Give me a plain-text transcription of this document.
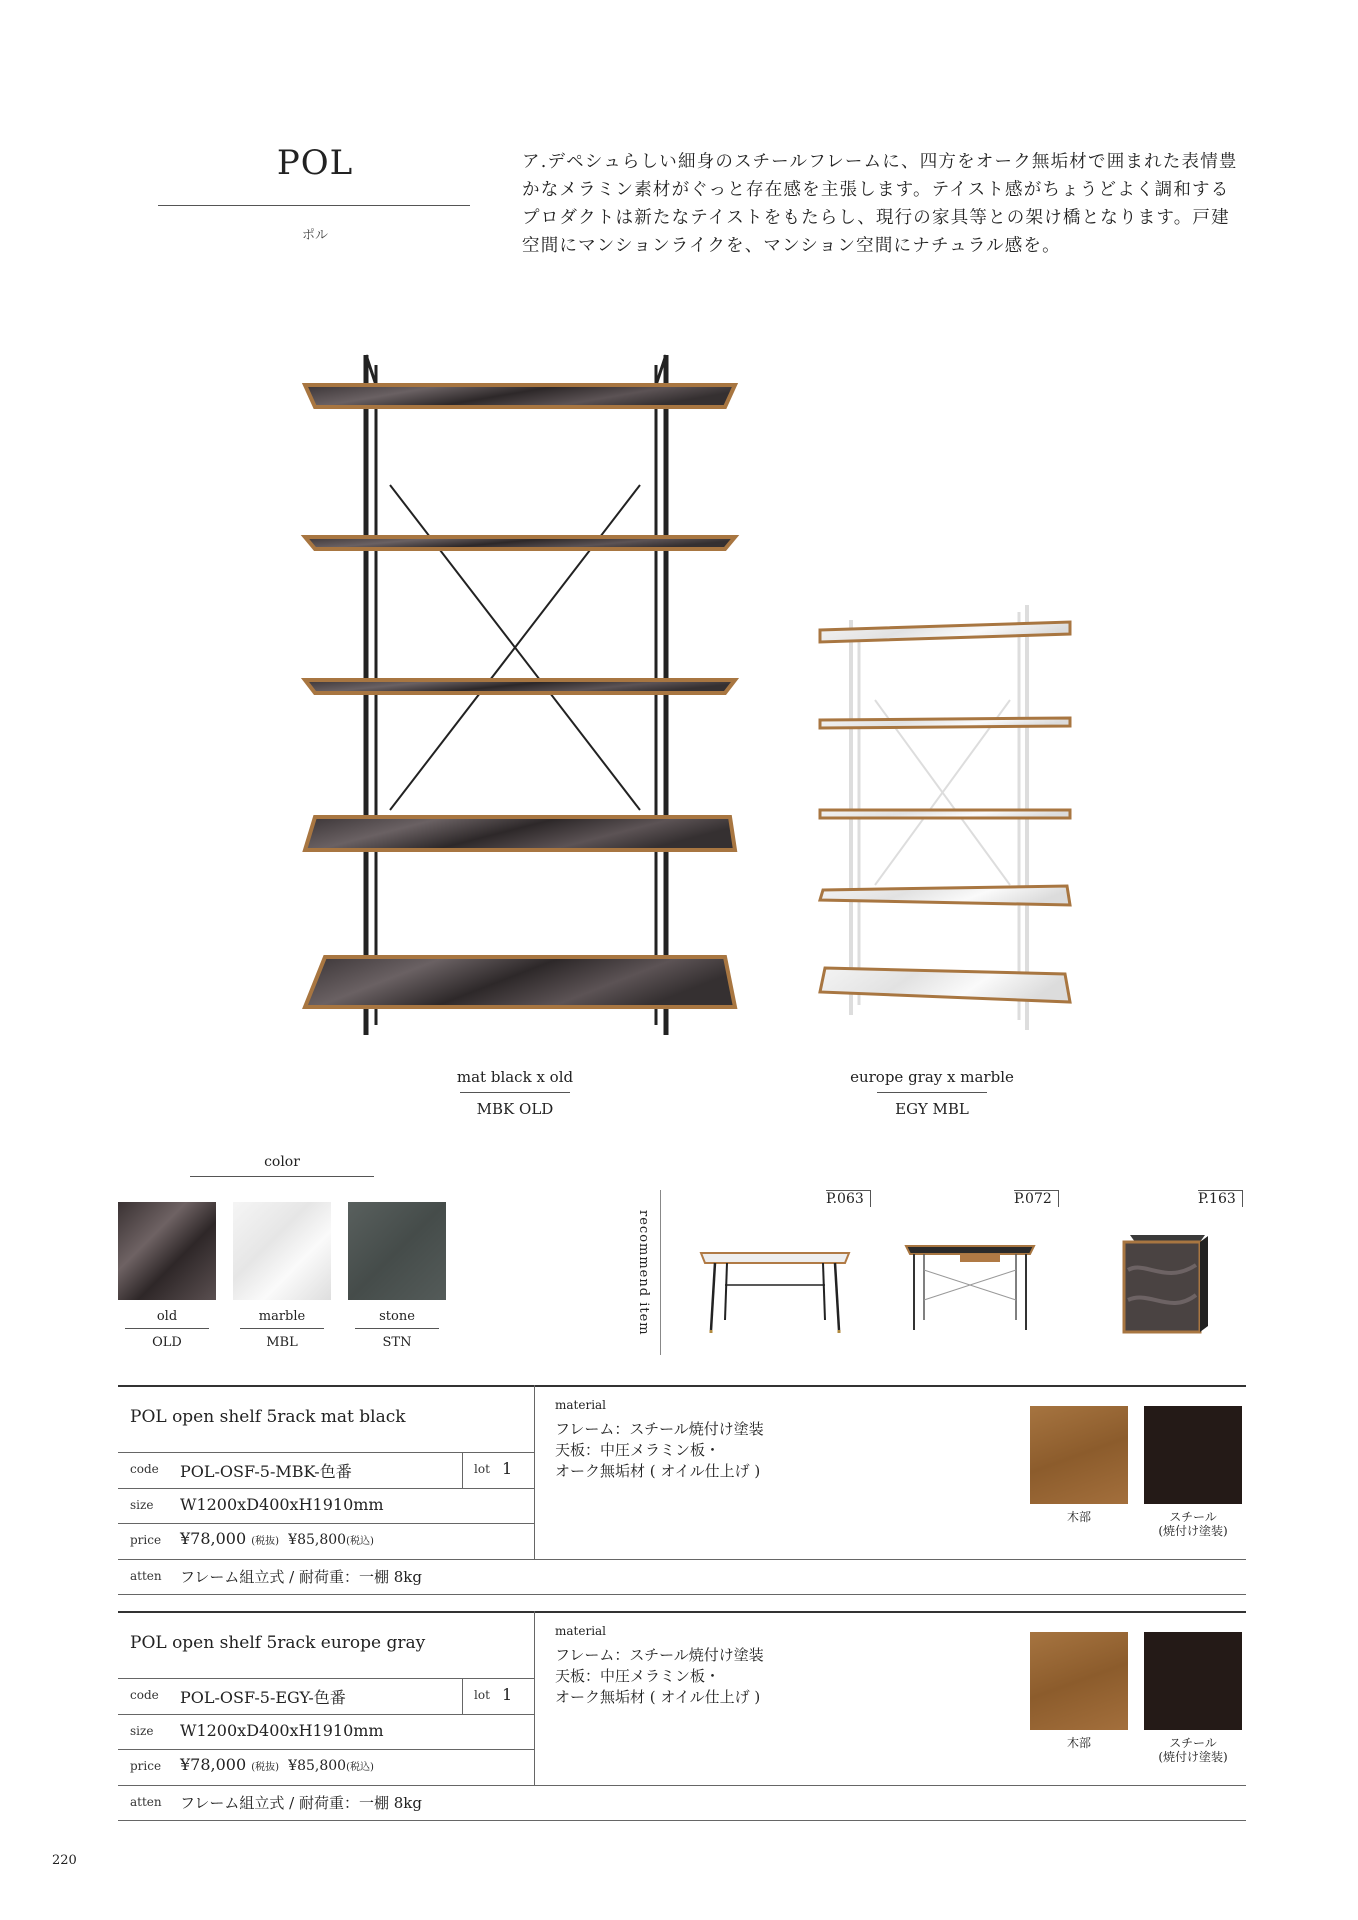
POL
ポル
ア.デペシュらしい細身のスチールフレームに、四方をオーク無垢材で囲まれた表情豊かなメラミン素材がぐっと存在感を主張します。テイスト感がちょうどよく調和するプロダクトは新たなテイストをもたらし、現行の家具等との架け橋となります。戸建空間にマンションライクを、マンション空間にナチュラル感を。
mat black x old
MBK OLD
europe gray x marble
EGY MBL
color
old
OLD
marble
MBL
stone
STN
recommend item
P.063	P.072	P.163
POL open shelf 5rack mat black
code POL-OSF-5-MBK-色番	lot 1
size W1200xD400xH1910mm
price ¥78,000 (税抜) ¥85,800(税込)
atten フレーム組立式 / 耐荷重：一棚 8kg
material
フレーム：スチール焼付け塗装
天板：中圧メラミン板・
オーク無垢材 ( オイル仕上げ )
木部	スチール
(焼付け塗装)
POL open shelf 5rack europe gray
code POL-OSF-5-EGY-色番	lot 1
size W1200xD400xH1910mm
price ¥78,000 (税抜) ¥85,800(税込)
atten フレーム組立式 / 耐荷重：一棚 8kg
material
フレーム：スチール焼付け塗装
天板：中圧メラミン板・
オーク無垢材 ( オイル仕上げ )
木部	スチール
(焼付け塗装)
220
